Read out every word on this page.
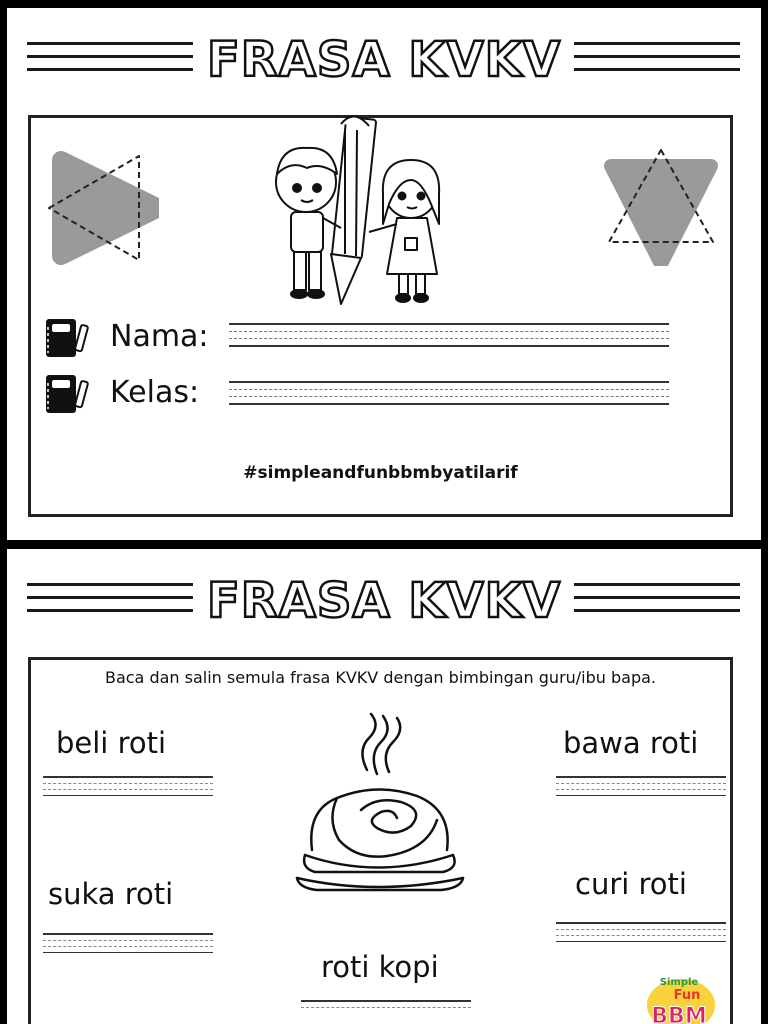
FRASA KVKV
Nama:
Kelas:
#simpleandfunbbmbyatilarif
FRASA KVKV
Baca dan salin semula frasa KVKV dengan bimbingan guru/ibu bapa.
beli roti	bawa roti
suka roti	curi roti
roti kopi	Simple
Fun
BBM
